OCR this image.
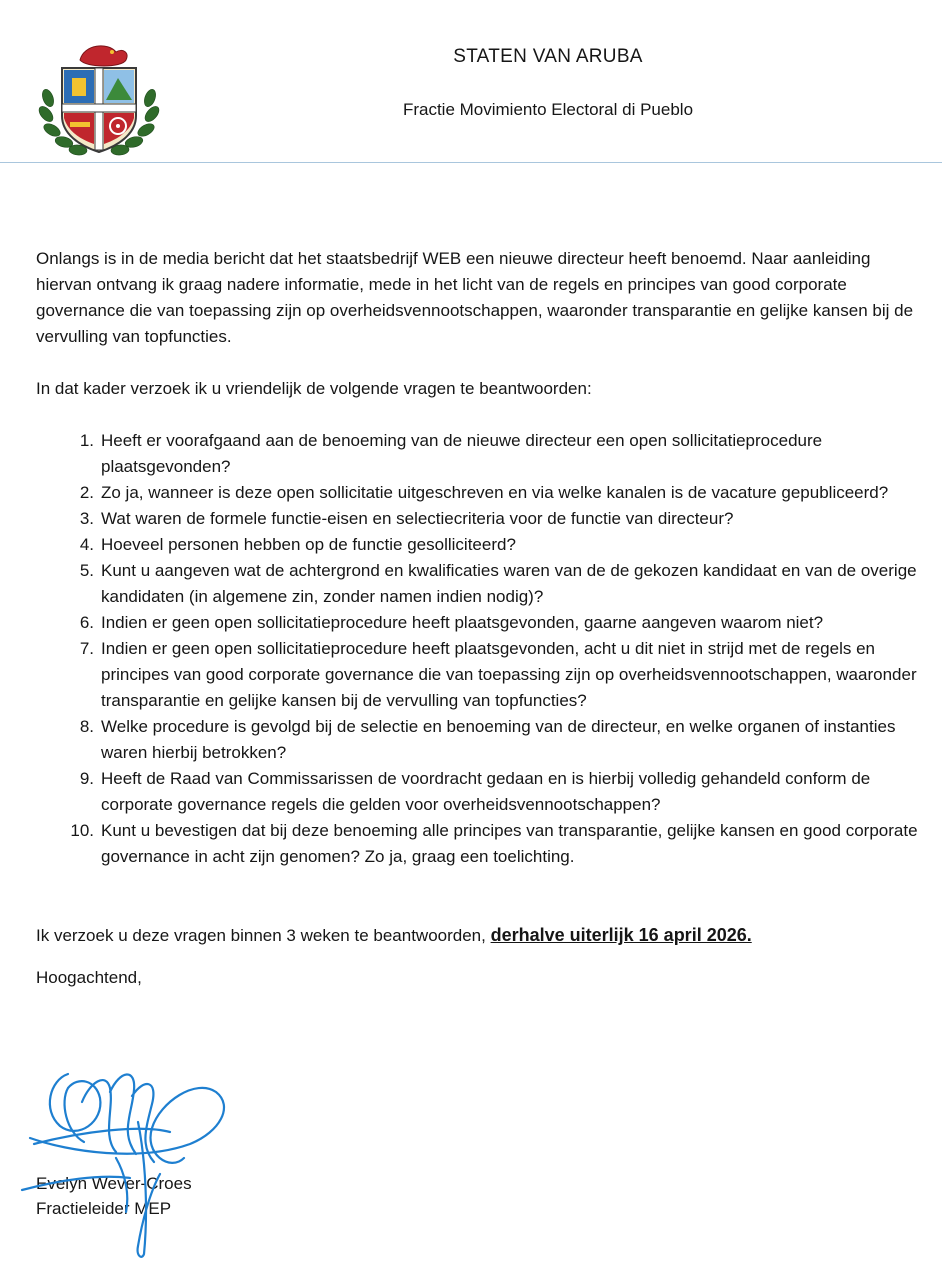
STATEN VAN ARUBA

Fractie Movimiento Electoral di Pueblo

Onlangs is in de media bericht dat het staatsbedrijf WEB een nieuwe directeur heeft benoemd. Naar aanleiding hiervan ontvang ik graag nadere informatie, mede in het licht van de regels en principes van good corporate governance die van toepassing zijn op overheidsvennootschappen, waaronder transparantie en gelijke kansen bij de vervulling van topfuncties.

In dat kader verzoek ik u vriendelijk de volgende vragen te beantwoorden:

1. Heeft er voorafgaand aan de benoeming van de nieuwe directeur een open sollicitatieprocedure plaatsgevonden?
2. Zo ja, wanneer is deze open sollicitatie uitgeschreven en via welke kanalen is de vacature gepubliceerd?
3. Wat waren de formele functie-eisen en selectiecriteria voor de functie van directeur?
4. Hoeveel personen hebben op de functie gesolliciteerd?
5. Kunt u aangeven wat de achtergrond en kwalificaties waren van de de gekozen kandidaat en van de overige kandidaten (in algemene zin, zonder namen indien nodig)?
6. Indien er geen open sollicitatieprocedure heeft plaatsgevonden, gaarne aangeven waarom niet?
7. Indien er geen open sollicitatieprocedure heeft plaatsgevonden, acht u dit niet in strijd met de regels en principes van good corporate governance die van toepassing zijn op overheidsvennootschappen, waaronder transparantie en gelijke kansen bij de vervulling van topfuncties?
8. Welke procedure is gevolgd bij de selectie en benoeming van de directeur, en welke organen of instanties waren hierbij betrokken?
9. Heeft de Raad van Commissarissen de voordracht gedaan en is hierbij volledig gehandeld conform de corporate governance regels die gelden voor overheidsvennootschappen?
10. Kunt u bevestigen dat bij deze benoeming alle principes van transparantie, gelijke kansen en good corporate governance in acht zijn genomen? Zo ja, graag een toelichting.

Ik verzoek u deze vragen binnen 3 weken te beantwoorden, derhalve uiterlijk 16 april 2026.

Hoogachtend,

Evelyn Wever-Croes

Fractieleider MEP
